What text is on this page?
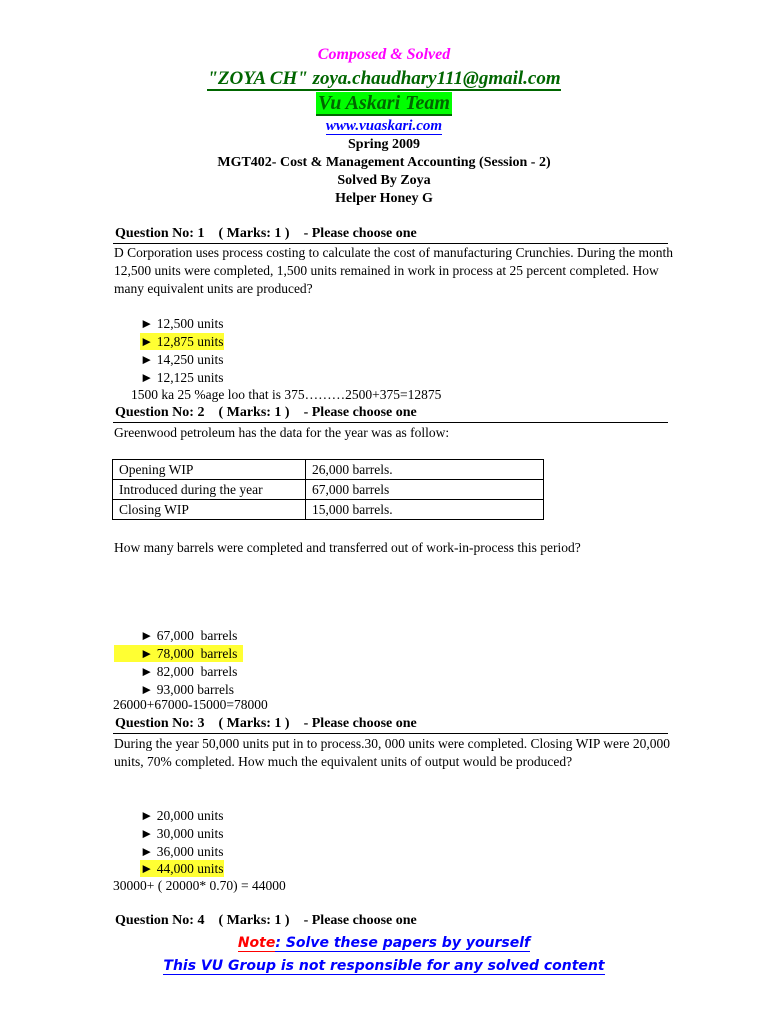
Composed & Solved
"ZOYA CH" zoya.chaudhary111@gmail.com
Vu Askari Team
www.vuaskari.com
Spring 2009
MGT402- Cost & Management Accounting (Session - 2)
Solved By Zoya
Helper Honey G
Question No: 1    ( Marks: 1 )    - Please choose one
D Corporation uses process costing to calculate the cost of manufacturing Crunchies. During the month 12,500 units were completed, 1,500 units remained in work in process at 25 percent completed. How many equivalent units are produced?
► 12,500 units
► 12,875 units
► 14,250 units
► 12,125 units
1500 ka 25 %age loo that is 375………2500+375=12875
Question No: 2    ( Marks: 1 )    - Please choose one
Greenwood petroleum has the data for the year was as follow:
Opening WIP	26,000 barrels.
Introduced during the year	67,000 barrels
Closing WIP	15,000 barrels.
How many barrels were completed and transferred out of work-in-process this period?
► 67,000  barrels
► 78,000  barrels
► 82,000  barrels
► 93,000 barrels
26000+67000-15000=78000
Question No: 3    ( Marks: 1 )    - Please choose one
During the year 50,000 units put in to process.30, 000 units were completed. Closing WIP were 20,000 units, 70% completed. How much the equivalent units of output would be produced?
► 20,000 units
► 30,000 units
► 36,000 units
► 44,000 units
30000+ ( 20000* 0.70) = 44000
Question No: 4    ( Marks: 1 )    - Please choose one
Note: Solve these papers by yourself
This VU Group is not responsible for any solved content
